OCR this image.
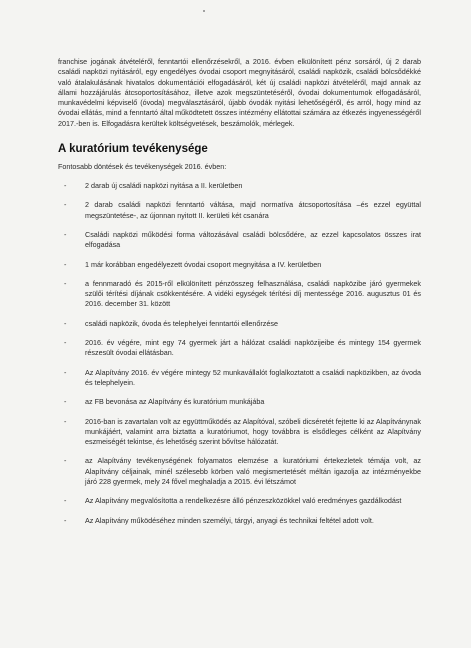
franchise jogának átvételéről, fenntartói ellenőrzésekről, a 2016. évben elkülönített pénz sorsáról, új 2 darab családi napközi nyitásáról, egy engedélyes óvodai csoport megnyitásáról, családi napközik, családi bölcsődékké való átalakulásának hivatalos dokumentációi elfogadásáról, két új családi napközi átvételéről, majd annak az állami hozzájárulás átcsoportosításához, illetve azok megszüntetéséről, óvodai dokumentumok elfogadásáról, munkavédelmi képviselő (óvoda) megválasztásáról, újabb óvodák nyitási lehetőségéről, és arról, hogy mind az óvodai ellátás, mind a fenntartó által működtetett összes intézmény ellátottai számára az étkezés ingyenességéről 2017.-ben is. Elfogadásra kerültek költségvetések, beszámolók, mérlegek.

A kuratórium tevékenysége

Fontosabb döntések és tevékenységek 2016. évben:

-	2 darab új családi napközi nyitása a II. kerületben
-	2 darab családi napközi fenntartó váltása, majd normatíva átcsoportosítása –és ezzel együttal megszüntetése-, az újonnan nyitott II. kerületi két csanára
-	Családi napközi működési forma változásával családi bölcsődére, az ezzel kapcsolatos összes irat elfogadása
-	1 már korábban engedélyezett óvodai csoport megnyitása a IV. kerületben
-	a fennmaradó és 2015-ről elkülönített pénzösszeg felhasználása, családi napközibe járó gyermekek szülői térítési díjának csökkentésére. A vidéki egységek térítési díj mentessége 2016. augusztus 01 és 2016. december 31. között
-	családi napközik, óvoda és telephelyei fenntartói ellenőrzése
-	2016. év végére, mint egy 74 gyermek járt a hálózat családi napközijeibe és mintegy 154 gyermek részesült óvodai ellátásban.
-	Az Alapítvány 2016. év végére mintegy 52 munkavállalót foglalkoztatott a családi napközikben, az óvoda és telephelyein.
-	az FB bevonása az Alapítvány és kuratórium munkájába
-	2016-ban is zavartalan volt az együttműködés az Alapítóval, szóbeli dicséretét fejtette ki az Alapítványnak munkájáért, valamint arra biztatta a kuratóriumot, hogy továbbra is elsődleges célként az Alapítvány eszmeiségét tekintse, és lehetőség szerint bővítse hálózatát.
-	az Alapítvány tevékenységének folyamatos elemzése a kuratóriumi értekezletek témája volt, az Alapítvány céljainak, minél szélesebb körben való megismertetését méltán igazolja az intézményekbe járó 228 gyermek, mely 24 fővel meghaladja a 2015. évi létszámot
-	Az Alapítvány megvalósította a rendelkezésre álló pénzeszközökkel való eredményes gazdálkodást
-	Az Alapítvány működéséhez minden személyi, tárgyi, anyagi és technikai feltétel adott volt.
